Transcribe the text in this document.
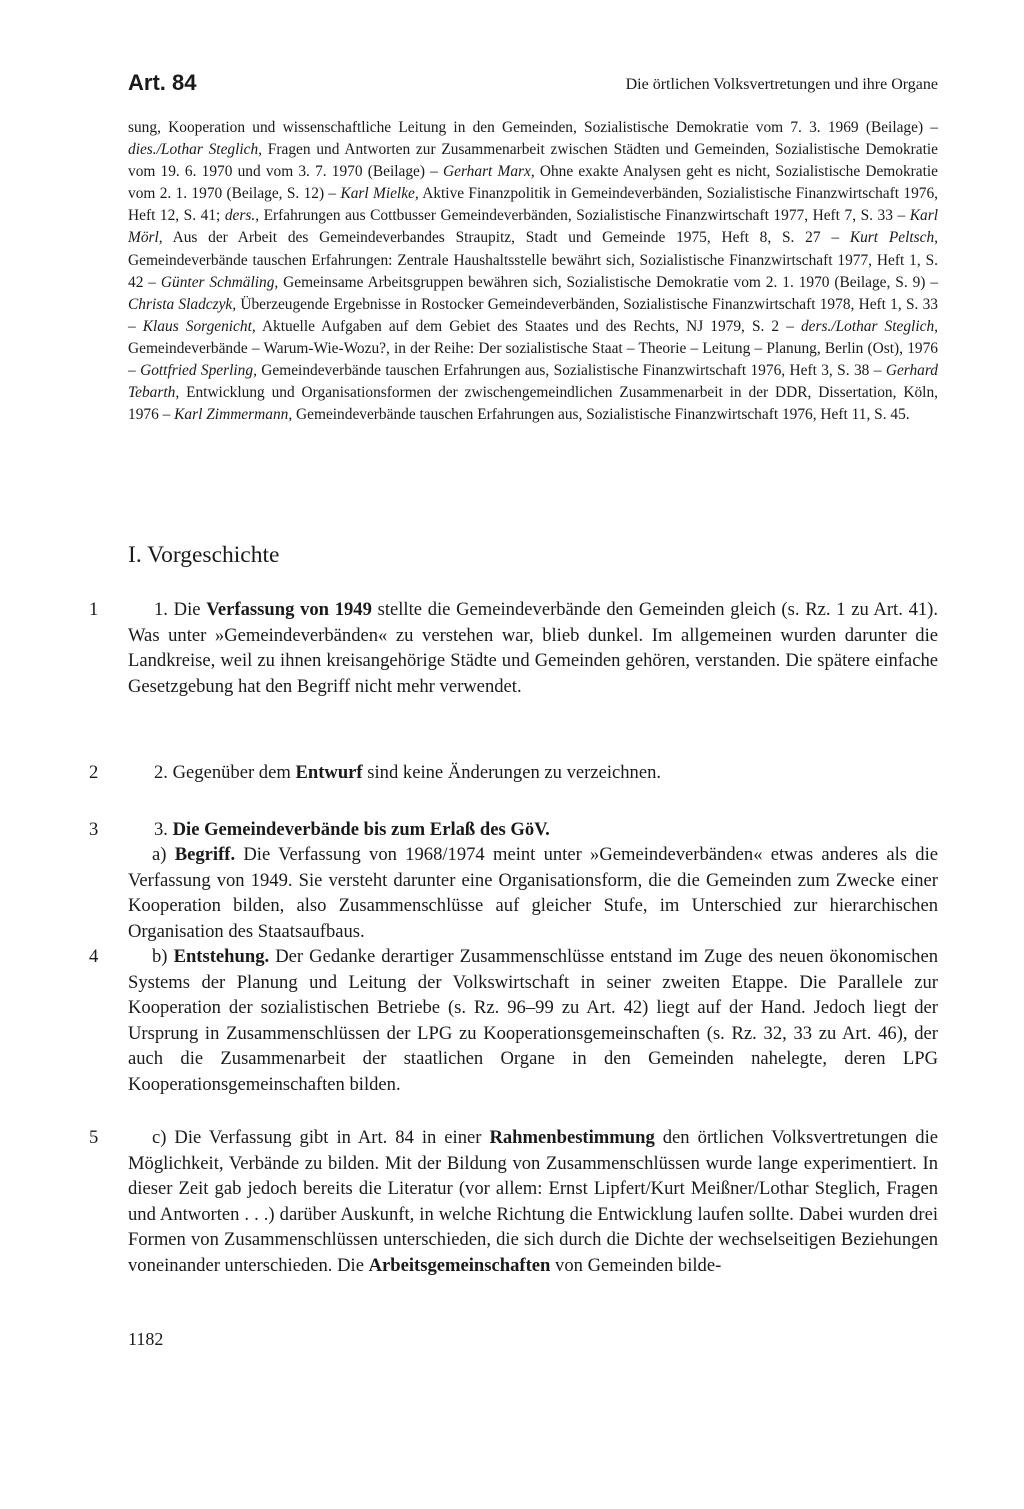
Art. 84	Die örtlichen Volksvertretungen und ihre Organe
sung, Kooperation und wissenschaftliche Leitung in den Gemeinden, Sozialistische Demokratie vom 7. 3. 1969 (Beilage) – dies./Lothar Steglich, Fragen und Antworten zur Zusammenarbeit zwischen Städten und Gemeinden, Sozialistische Demokratie vom 19. 6. 1970 und vom 3. 7. 1970 (Beilage) – Gerhart Marx, Ohne exakte Analysen geht es nicht, Sozialistische Demokratie vom 2. 1. 1970 (Beilage, S. 12) – Karl Mielke, Aktive Finanzpolitik in Gemeindeverbänden, Sozialistische Finanzwirtschaft 1976, Heft 12, S. 41; ders., Erfahrungen aus Cottbusser Gemeindeverbänden, Sozialistische Finanzwirtschaft 1977, Heft 7, S. 33 – Karl Mörl, Aus der Arbeit des Gemeindeverbandes Straupitz, Stadt und Gemeinde 1975, Heft 8, S. 27 – Kurt Peltsch, Gemeindeverbände tauschen Erfahrungen: Zentrale Haushaltsstelle bewährt sich, Sozialistische Finanzwirtschaft 1977, Heft 1, S. 42 – Günter Schmäling, Gemeinsame Arbeitsgruppen bewähren sich, Sozialistische Demokratie vom 2. 1. 1970 (Beilage, S. 9) – Christa Sladczyk, Überzeugende Ergebnisse in Rostocker Gemeindeverbänden, Sozialistische Finanzwirtschaft 1978, Heft 1, S. 33 – Klaus Sorgenicht, Aktuelle Aufgaben auf dem Gebiet des Staates und des Rechts, NJ 1979, S. 2 – ders./Lothar Steglich, Gemeindeverbände – Warum-Wie-Wozu?, in der Reihe: Der sozialistische Staat – Theorie – Leitung – Planung, Berlin (Ost), 1976 – Gottfried Sperling, Gemeindeverbände tauschen Erfahrungen aus, Sozialistische Finanzwirtschaft 1976, Heft 3, S. 38 – Gerhard Tebarth, Entwicklung und Organisationsformen der zwischengemeindlichen Zusammenarbeit in der DDR, Dissertation, Köln, 1976 – Karl Zimmermann, Gemeindeverbände tauschen Erfahrungen aus, Sozialistische Finanzwirtschaft 1976, Heft 11, S. 45.
I. Vorgeschichte
1	1. Die Verfassung von 1949 stellte die Gemeindeverbände den Gemeinden gleich (s. Rz. 1 zu Art. 41). Was unter »Gemeindeverbänden« zu verstehen war, blieb dunkel. Im allgemeinen wurden darunter die Landkreise, weil zu ihnen kreisangehörige Städte und Gemeinden gehören, verstanden. Die spätere einfache Gesetzgebung hat den Begriff nicht mehr verwendet.

2	2. Gegenüber dem Entwurf sind keine Änderungen zu verzeichnen.

3	3. Die Gemeindeverbände bis zum Erlaß des GöV.

a) Begriff. Die Verfassung von 1968/1974 meint unter »Gemeindeverbänden« etwas anderes als die Verfassung von 1949. Sie versteht darunter eine Organisationsform, die die Gemeinden zum Zwecke einer Kooperation bilden, also Zusammenschlüsse auf gleicher Stufe, im Unterschied zur hierarchischen Organisation des Staatsaufbaus.

4	b) Entstehung. Der Gedanke derartiger Zusammenschlüsse entstand im Zuge des neuen ökonomischen Systems der Planung und Leitung der Volkswirtschaft in seiner zweiten Etappe. Die Parallele zur Kooperation der sozialistischen Betriebe (s. Rz. 96–99 zu Art. 42) liegt auf der Hand. Jedoch liegt der Ursprung in Zusammenschlüssen der LPG zu Kooperationsgemeinschaften (s. Rz. 32, 33 zu Art. 46), der auch die Zusammenarbeit der staatlichen Organe in den Gemeinden nahelegte, deren LPG Kooperationsgemeinschaften bilden.

5	c) Die Verfassung gibt in Art. 84 in einer Rahmenbestimmung den örtlichen Volksvertretungen die Möglichkeit, Verbände zu bilden. Mit der Bildung von Zusammenschlüssen wurde lange experimentiert. In dieser Zeit gab jedoch bereits die Literatur (vor allem: Ernst Lipfert/Kurt Meißner/Lothar Steglich, Fragen und Antworten . . .) darüber Auskunft, in welche Richtung die Entwicklung laufen sollte. Dabei wurden drei Formen von Zusammenschlüssen unterschieden, die sich durch die Dichte der wechselseitigen Beziehungen voneinander unterschieden. Die Arbeitsgemeinschaften von Gemeinden bilde-

1182
